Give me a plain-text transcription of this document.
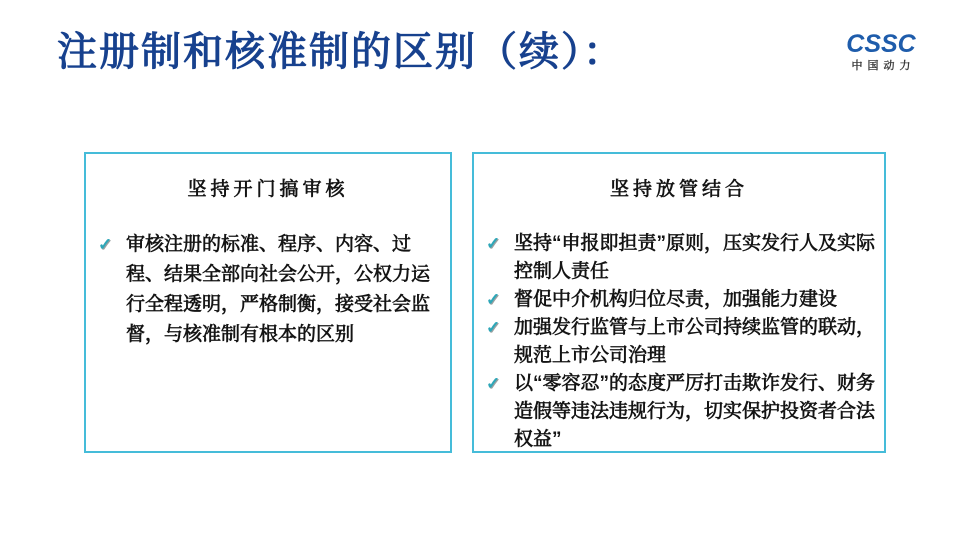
注册制和核准制的区别（续）：	CSSC
中国动力
坚持开门搞审核
✓ 审核注册的标准、程序、内容、过程、结果全部向社会公开，公权力运行全程透明，严格制衡，接受社会监督，与核准制有根本的区别
坚持放管结合
✓ 坚持“申报即担责”原则，压实发行人及实际控制人责任
✓ 督促中介机构归位尽责，加强能力建设
✓ 加强发行监管与上市公司持续监管的联动，规范上市公司治理
✓ 以“零容忍”的态度严厉打击欺诈发行、财务造假等违法违规行为，切实保护投资者合法权益”
